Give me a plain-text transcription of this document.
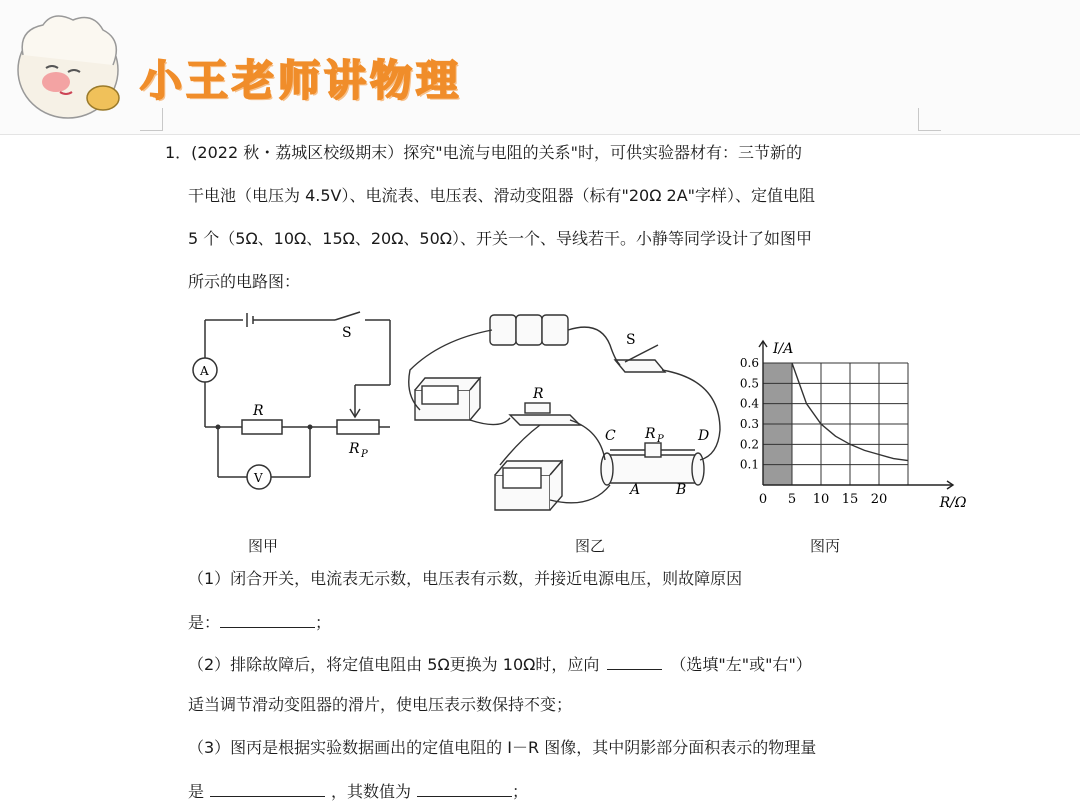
小王老师讲物理
1．(2022 秋・荔城区校级期末）探究"电流与电阻的关系"时，可供实验器材有：三节新的
干电池（电压为 4.5V）、电流表、电压表、滑动变阻器（标有"20Ω 2A"字样）、定值电阻
5 个（5Ω、10Ω、15Ω、20Ω、50Ω）、开关一个、导线若干。小静等同学设计了如图甲
所示的电路图：
S
A
R
V
R P
图甲
S
R
C R P D
A	B
图乙
0 5 10 15 20
0.1
0.2
0.3
0.4
0.5
0.6
I/A
R/Ω
图丙
（1）闭合开关，电流表无示数，电压表有示数，并接近电源电压，则故障原因
是：	；
（2）排除故障后，将定值电阻由 5Ω更换为 10Ω时，应向	（选填"左"或"右"）
适当调节滑动变阻器的滑片，使电压表示数保持不变；
（3）图丙是根据实验数据画出的定值电阻的 I－R 图像，其中阴影部分面积表示的物理量
是	，其数值为	；
